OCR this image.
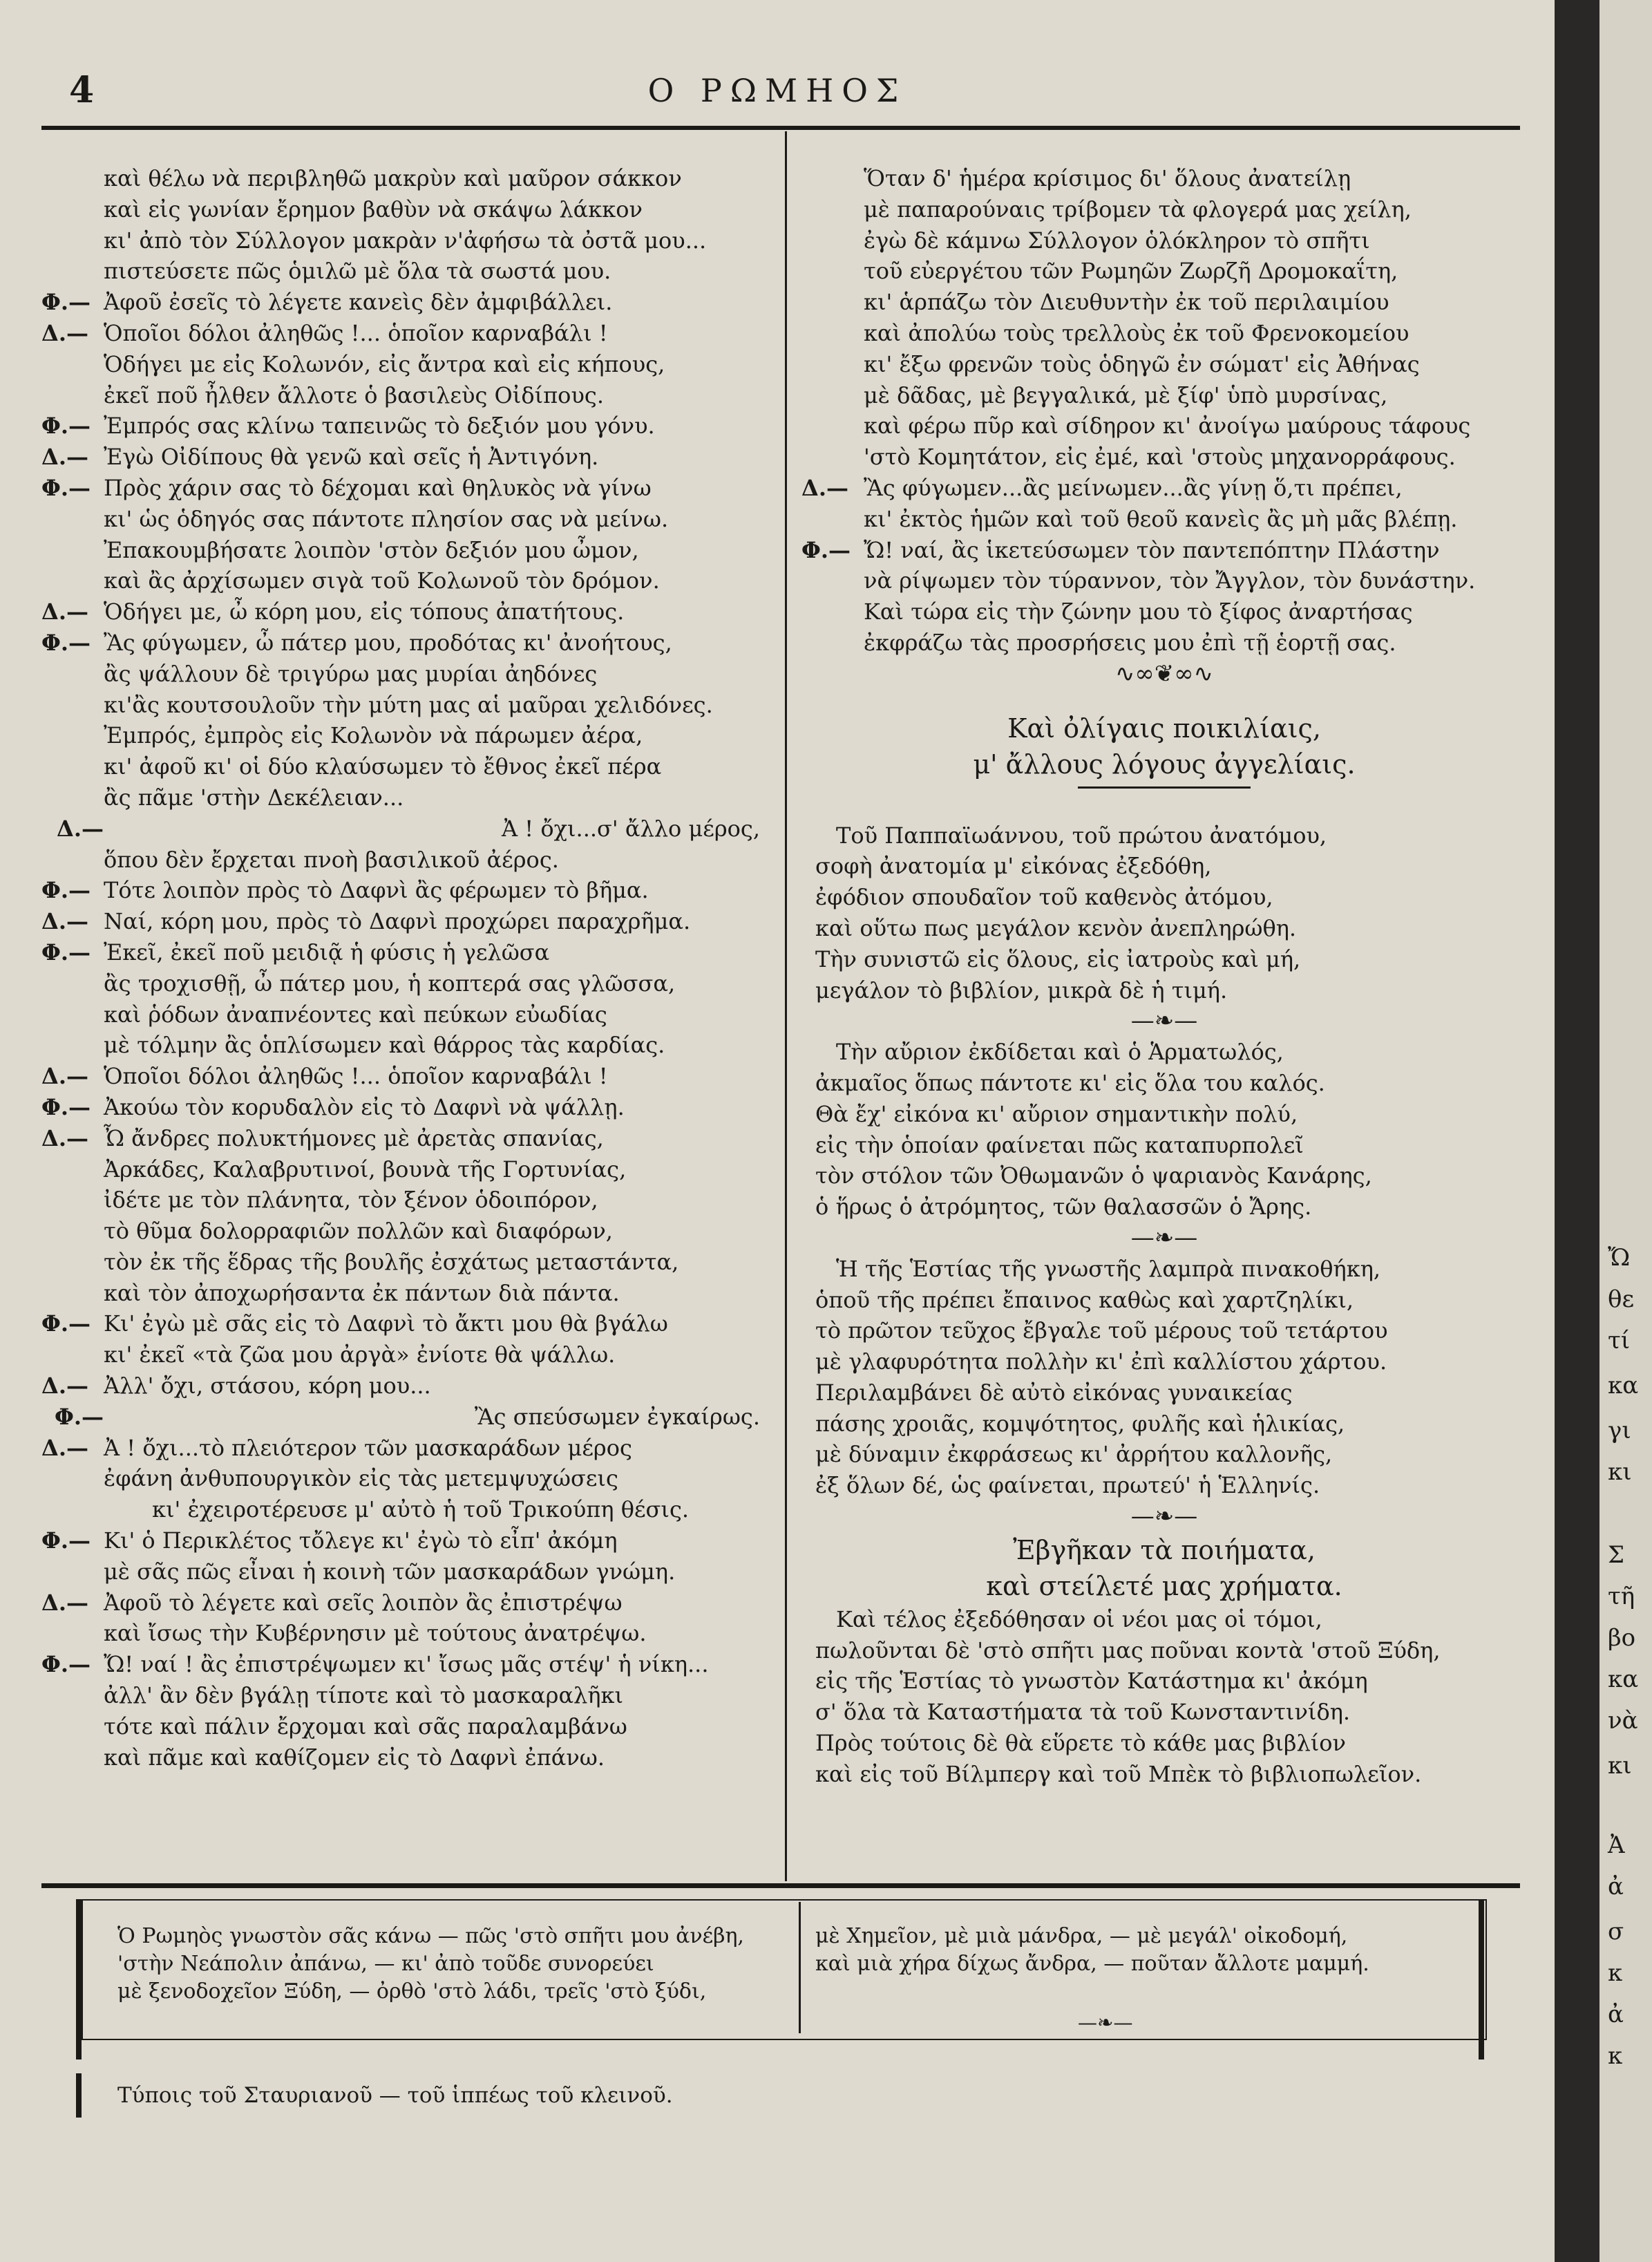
Ὤ
θε
τί
κα
γι
κι
Σ
τῆ
βο
κα
νὰ
κι
Ἀ
ἀ
σ
κ
ἀ
κ
4	Ο ΡΩΜΗΟΣ
καὶ θέλω νὰ περιβληθῶ μακρὺν καὶ μαῦρον σάκκον
καὶ εἰς γωνίαν ἔρημον βαθὺν νὰ σκάψω λάκκον
κι' ἀπὸ τὸν Σύλλογον μακρὰν ν'ἀφήσω τὰ ὀστᾶ μου...
πιστεύσετε πῶς ὁμιλῶ μὲ ὅλα τὰ σωστά μου.
Φ.— Ἀφοῦ ἐσεῖς τὸ λέγετε κανεὶς δὲν ἀμφιβάλλει.
Δ.— Ὁποῖοι δόλοι ἀληθῶς !... ὁποῖον καρναβάλι !
Ὁδήγει με εἰς Κολωνόν, εἰς ἄντρα καὶ εἰς κήπους,
ἐκεῖ ποῦ ἦλθεν ἄλλοτε ὁ βασιλεὺς Οἰδίπους.
Φ.— Ἐμπρός σας κλίνω ταπεινῶς τὸ δεξιόν μου γόνυ.
Δ.— Ἐγὼ Οἰδίπους θὰ γενῶ καὶ σεῖς ἡ Ἀντιγόνη.
Φ.— Πρὸς χάριν σας τὸ δέχομαι καὶ θηλυκὸς νὰ γίνω
κι' ὡς ὁδηγός σας πάντοτε πλησίον σας νὰ μείνω.
Ἐπακουμβήσατε λοιπὸν 'στὸν δεξιόν μου ὦμον,
καὶ ἂς ἀρχίσωμεν σιγὰ τοῦ Κολωνοῦ τὸν δρόμον.
Δ.— Ὁδήγει με, ὦ κόρη μου, εἰς τόπους ἀπατήτους.
Φ.— Ἂς φύγωμεν, ὦ πάτερ μου, προδότας κι' ἀνοήτους,
ἂς ψάλλουν δὲ τριγύρω μας μυρίαι ἀηδόνες
κι'ἂς κουτσουλοῦν τὴν μύτη μας αἱ μαῦραι χελιδόνες.
Ἐμπρός, ἐμπρὸς εἰς Κολωνὸν νὰ πάρωμεν ἀέρα,
κι' ἀφοῦ κι' οἱ δύο κλαύσωμεν τὸ ἔθνος ἐκεῖ πέρα
ἂς πᾶμε 'στὴν Δεκέλειαν...
Δ.—	Ἀ ! ὄχι...σ' ἄλλο μέρος,
ὅπου δὲν ἔρχεται πνοὴ βασιλικοῦ ἀέρος.
Φ.— Τότε λοιπὸν πρὸς τὸ Δαφνὶ ἂς φέρωμεν τὸ βῆμα.
Δ.— Ναί, κόρη μου, πρὸς τὸ Δαφνὶ προχώρει παραχρῆμα.
Φ.— Ἐκεῖ, ἐκεῖ ποῦ μειδιᾷ ἡ φύσις ἡ γελῶσα
ἂς τροχισθῇ, ὦ πάτερ μου, ἡ κοπτερά σας γλῶσσα,
καὶ ῥόδων ἀναπνέοντες καὶ πεύκων εὐωδίας
μὲ τόλμην ἂς ὁπλίσωμεν καὶ θάρρος τὰς καρδίας.
Δ.— Ὁποῖοι δόλοι ἀληθῶς !... ὁποῖον καρναβάλι !
Φ.— Ἀκούω τὸν κορυδαλὸν εἰς τὸ Δαφνὶ νὰ ψάλλῃ.
Δ.— Ὦ ἄνδρες πολυκτήμονες μὲ ἀρετὰς σπανίας,
Ἀρκάδες, Καλαβρυτινοί, βουνὰ τῆς Γορτυνίας,
ἰδέτε με τὸν πλάνητα, τὸν ξένον ὁδοιπόρον,
τὸ θῦμα δολορραφιῶν πολλῶν καὶ διαφόρων,
τὸν ἐκ τῆς ἕδρας τῆς βουλῆς ἐσχάτως μεταστάντα,
καὶ τὸν ἀποχωρήσαντα ἐκ πάντων διὰ πάντα.
Φ.— Κι' ἐγὼ μὲ σᾶς εἰς τὸ Δαφνὶ τὸ ἄκτι μου θὰ βγάλω
κι' ἐκεῖ «τὰ ζῶα μου ἀργὰ» ἐνίοτε θὰ ψάλλω.
Δ.— Ἀλλ' ὄχι, στάσου, κόρη μου...
Φ.—	Ἂς σπεύσωμεν ἐγκαίρως.
Δ.— Ἀ ! ὄχι...τὸ πλειότερον τῶν μασκαράδων μέρος
ἐφάνη ἀνθυπουργικὸν εἰς τὰς μετεμψυχώσεις
κι' ἐχειροτέρευσε μ' αὐτὸ ἡ τοῦ Τρικούπη θέσις.
Φ.— Κι' ὁ Περικλέτος τὄλεγε κι' ἐγὼ τὸ εἶπ' ἀκόμη
μὲ σᾶς πῶς εἶναι ἡ κοινὴ τῶν μασκαράδων γνώμη.
Δ.— Ἀφοῦ τὸ λέγετε καὶ σεῖς λοιπὸν ἂς ἐπιστρέψω
καὶ ἴσως τὴν Κυβέρνησιν μὲ τούτους ἀνατρέψω.
Φ.— Ὤ! ναί ! ἂς ἐπιστρέψωμεν κι' ἴσως μᾶς στέψ' ἡ νίκη...
ἀλλ' ἂν δὲν βγάλῃ τίποτε καὶ τὸ μασκαραλῆκι
τότε καὶ πάλιν ἔρχομαι καὶ σᾶς παραλαμβάνω
καὶ πᾶμε καὶ καθίζομεν εἰς τὸ Δαφνὶ ἐπάνω.
Ὅταν δ' ἡμέρα κρίσιμος δι' ὅλους ἀνατείλῃ
μὲ παπαρούναις τρίβομεν τὰ φλογερά μας χείλη,
ἐγὼ δὲ κάμνω Σύλλογον ὁλόκληρον τὸ σπῆτι
τοῦ εὐεργέτου τῶν Ρωμηῶν Ζωρζῆ Δρομοκαΐτη,
κι' ἁρπάζω τὸν Διευθυντὴν ἐκ τοῦ περιλαιμίου
καὶ ἀπολύω τοὺς τρελλοὺς ἐκ τοῦ Φρενοκομείου
κι' ἔξω φρενῶν τοὺς ὁδηγῶ ἐν σώματ' εἰς Ἀθήνας
μὲ δᾶδας, μὲ βεγγαλικά, μὲ ξίφ' ὑπὸ μυρσίνας,
καὶ φέρω πῦρ καὶ σίδηρον κι' ἀνοίγω μαύρους τάφους
'στὸ Κομητάτον, εἰς ἐμέ, καὶ 'στοὺς μηχανορράφους.
Δ.— Ἂς φύγωμεν...ἂς μείνωμεν...ἂς γίνῃ ὅ,τι πρέπει,
κι' ἐκτὸς ἡμῶν καὶ τοῦ θεοῦ κανεὶς ἂς μὴ μᾶς βλέπῃ.
Φ.— Ὤ! ναί, ἂς ἱκετεύσωμεν τὸν παντεπόπτην Πλάστην
νὰ ρίψωμεν τὸν τύραννον, τὸν Ἄγγλον, τὸν δυνάστην.
Καὶ τώρα εἰς τὴν ζώνην μου τὸ ξίφος ἀναρτήσας
ἐκφράζω τὰς προσρήσεις μου ἐπὶ τῇ ἑορτῇ σας.
∿∞❦∞∿
Καὶ ὀλίγαις ποικιλίαις,
μ' ἄλλους λόγους ἀγγελίαις.
Τοῦ Παππαϊωάννου, τοῦ πρώτου ἀνατόμου,
σοφὴ ἀνατομία μ' εἰκόνας ἐξεδόθη,
ἐφόδιον σπουδαῖον τοῦ καθενὸς ἀτόμου,
καὶ οὕτω πως μεγάλον κενὸν ἀνεπληρώθη.
Τὴν συνιστῶ εἰς ὅλους, εἰς ἰατροὺς καὶ μή,
μεγάλον τὸ βιβλίον, μικρὰ δὲ ἡ τιμή.
—❧—
Τὴν αὔριον ἐκδίδεται καὶ ὁ Ἁρματωλός,
ἀκμαῖος ὅπως πάντοτε κι' εἰς ὅλα του καλός.
Θὰ ἔχ' εἰκόνα κι' αὔριον σημαντικὴν πολύ,
εἰς τὴν ὁποίαν φαίνεται πῶς καταπυρπολεῖ
τὸν στόλον τῶν Ὀθωμανῶν ὁ ψαριανὸς Κανάρης,
ὁ ἥρως ὁ ἀτρόμητος, τῶν θαλασσῶν ὁ Ἄρης.
—❧—
Ἡ τῆς Ἑστίας τῆς γνωστῆς λαμπρὰ πινακοθήκη,
ὁποῦ τῆς πρέπει ἔπαινος καθὼς καὶ χαρτζηλίκι,
τὸ πρῶτον τεῦχος ἔβγαλε τοῦ μέρους τοῦ τετάρτου
μὲ γλαφυρότητα πολλὴν κι' ἐπὶ καλλίστου χάρτου.
Περιλαμβάνει δὲ αὐτὸ εἰκόνας γυναικείας
πάσης χροιᾶς, κομψότητος, φυλῆς καὶ ἡλικίας,
μὲ δύναμιν ἐκφράσεως κι' ἀρρήτου καλλονῆς,
ἐξ ὅλων δέ, ὡς φαίνεται, πρωτεύ' ἡ Ἑλληνίς.
—❧—
Ἐβγῆκαν τὰ ποιήματα,
καὶ στείλετέ μας χρήματα.
Καὶ τέλος ἐξεδόθησαν οἱ νέοι μας οἱ τόμοι,
πωλοῦνται δὲ 'στὸ σπῆτι μας ποῦναι κοντὰ 'στοῦ Ξύδη,
εἰς τῆς Ἑστίας τὸ γνωστὸν Κατάστημα κι' ἀκόμη
σ' ὅλα τὰ Καταστήματα τὰ τοῦ Κωνσταντινίδη.
Πρὸς τούτοις δὲ θὰ εὕρετε τὸ κάθε μας βιβλίον
καὶ εἰς τοῦ Βίλμπεργ καὶ τοῦ Μπὲκ τὸ βιβλιοπωλεῖον.
Ὁ Ρωμηὸς γνωστὸν σᾶς κάνω — πῶς 'στὸ σπῆτι μου ἀνέβη,
'στὴν Νεάπολιν ἀπάνω, — κι' ἀπὸ τοῦδε συνορεύει
μὲ ξενοδοχεῖον Ξύδη, — ὀρθὸ 'στὸ λάδι, τρεῖς 'στὸ ξύδι,
μὲ Χημεῖον, μὲ μιὰ μάνδρα, — μὲ μεγάλ' οἰκοδομή,
καὶ μιὰ χήρα δίχως ἄνδρα, — ποῦταν ἄλλοτε μαμμή.
—❧—
Τύποις τοῦ Σταυριανοῦ — τοῦ ἱππέως τοῦ κλεινοῦ.
